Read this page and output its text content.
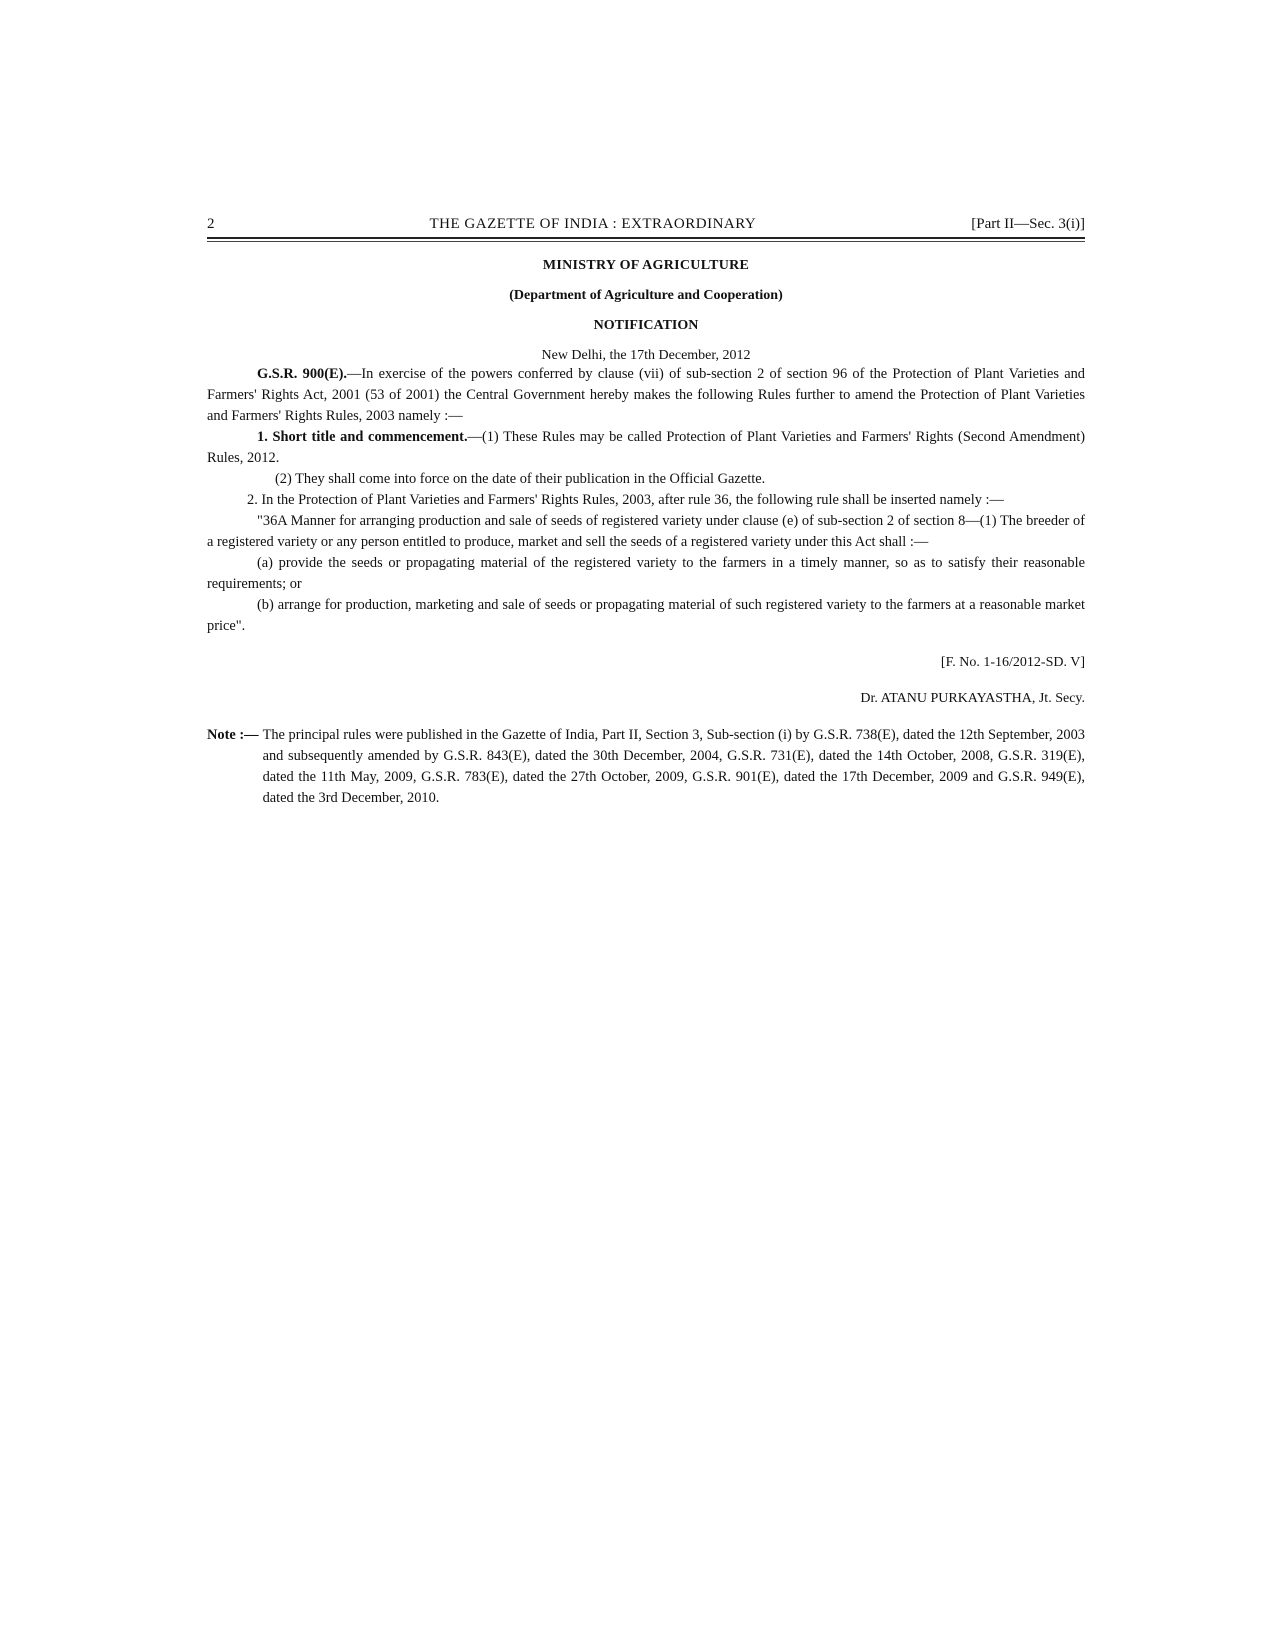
2	THE GAZETTE OF INDIA : EXTRAORDINARY	[Part II—Sec. 3(i)]
MINISTRY OF AGRICULTURE
(Department of Agriculture and Cooperation)
NOTIFICATION
New Delhi, the 17th December, 2012

G.S.R. 900(E).—In exercise of the powers conferred by clause (vii) of sub-section 2 of section 96 of the Protection of Plant Varieties and Farmers' Rights Act, 2001 (53 of 2001) the Central Government hereby makes the following Rules further to amend the Protection of Plant Varieties and Farmers' Rights Rules, 2003 namely :—

1. Short title and commencement.—(1) These Rules may be called Protection of Plant Varieties and Farmers' Rights (Second Amendment) Rules, 2012.

(2) They shall come into force on the date of their publication in the Official Gazette.

2. In the Protection of Plant Varieties and Farmers' Rights Rules, 2003, after rule 36, the following rule shall be inserted namely :—

"36A Manner for arranging production and sale of seeds of registered variety under clause (e) of sub-section 2 of section 8—(1) The breeder of a registered variety or any person entitled to produce, market and sell the seeds of a registered variety under this Act shall :—

(a) provide the seeds or propagating material of the registered variety to the farmers in a timely manner, so as to satisfy their reasonable requirements; or

(b) arrange for production, marketing and sale of seeds or propagating material of such registered variety to the farmers at a reasonable market price".

[F. No. 1-16/2012-SD. V]
Dr. ATANU PURKAYASTHA, Jt. Secy.
Note :— The principal rules were published in the Gazette of India, Part II, Section 3, Sub-section (i) by G.S.R. 738(E), dated the 12th September, 2003 and subsequently amended by G.S.R. 843(E), dated the 30th December, 2004, G.S.R. 731(E), dated the 14th October, 2008, G.S.R. 319(E), dated the 11th May, 2009, G.S.R. 783(E), dated the 27th October, 2009, G.S.R. 901(E), dated the 17th December, 2009 and G.S.R. 949(E), dated the 3rd December, 2010.
